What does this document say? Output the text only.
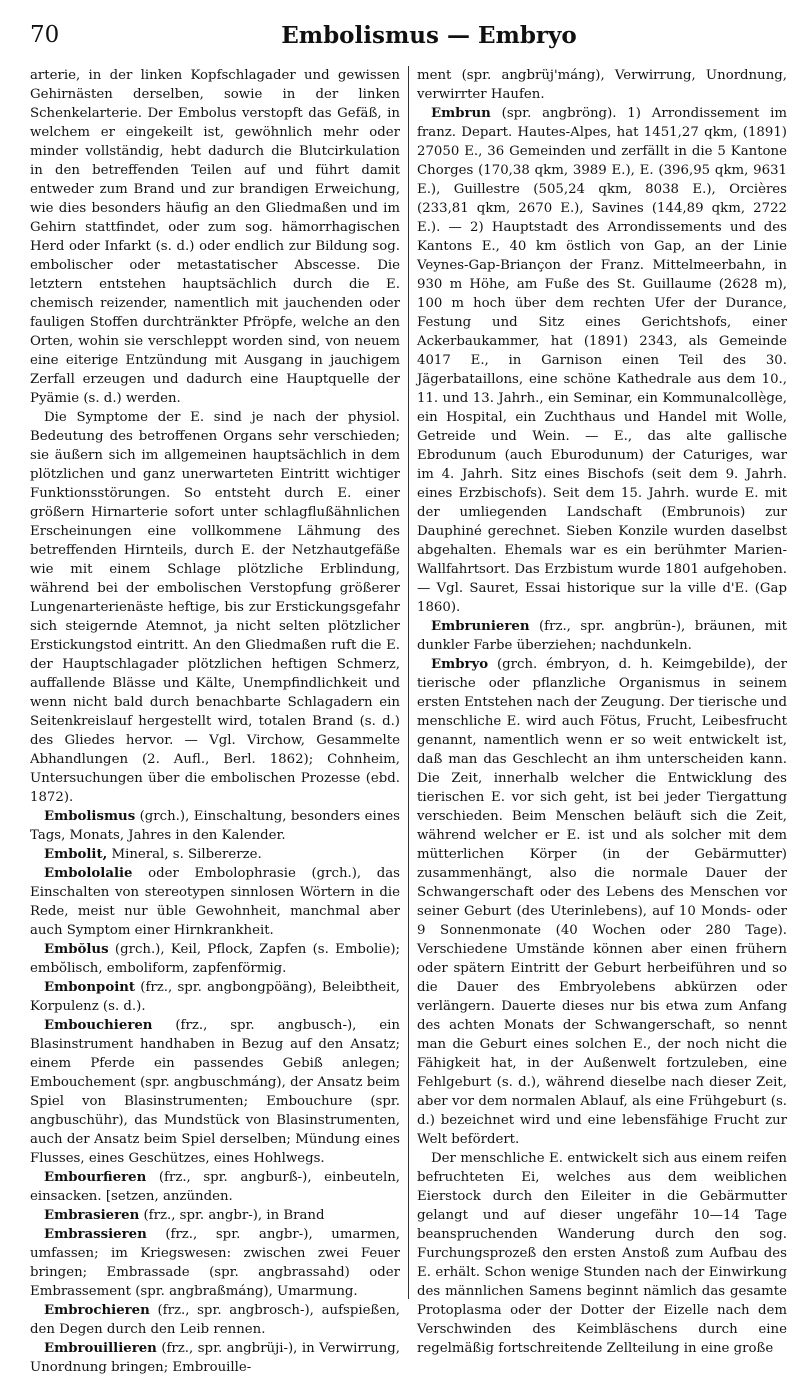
70	Embolismus — Embryo

arterie, in der linken Kopfschlagader und gewissen Gehirnästen derselben, sowie in der linken Schenkelarterie. Der Embolus verstopft das Gefäß, in welchem er eingekeilt ist, gewöhnlich mehr oder minder vollständig, hebt dadurch die Blutcirkulation in den betreffenden Teilen auf und führt damit entweder zum Brand und zur brandigen Erweichung, wie dies besonders häufig an den Gliedmaßen und im Gehirn stattfindet, oder zum sog. hämorrhagischen Herd oder Infarkt (s. d.) oder endlich zur Bildung sog. embolischer oder metastatischer Abscesse. Die letztern entstehen hauptsächlich durch die E. chemisch reizender, namentlich mit jauchenden oder fauligen Stoffen durchtränkter Pfröpfe, welche an den Orten, wohin sie verschleppt worden sind, von neuem eine eiterige Entzündung mit Ausgang in jauchigem Zerfall erzeugen und dadurch eine Hauptquelle der Pyämie (s. d.) werden.

Die Symptome der E. sind je nach der physiol. Bedeutung des betroffenen Organs sehr verschieden; sie äußern sich im allgemeinen hauptsächlich in dem plötzlichen und ganz unerwarteten Eintritt wichtiger Funktionsstörungen. So entsteht durch E. einer größern Hirnarterie sofort unter schlagflußähnlichen Erscheinungen eine vollkommene Lähmung des betreffenden Hirnteils, durch E. der Netzhautgefäße wie mit einem Schlage plötzliche Erblindung, während bei der embolischen Verstopfung größerer Lungenarterienäste heftige, bis zur Erstickungsgefahr sich steigernde Atemnot, ja nicht selten plötzlicher Erstickungstod eintritt. An den Gliedmaßen ruft die E. der Hauptschlagader plötzlichen heftigen Schmerz, auffallende Blässe und Kälte, Unempfindlichkeit und wenn nicht bald durch benachbarte Schlagadern ein Seitenkreislauf hergestellt wird, totalen Brand (s. d.) des Gliedes hervor. — Vgl. Virchow, Gesammelte Abhandlungen (2. Aufl., Berl. 1862); Cohnheim, Untersuchungen über die embolischen Prozesse (ebd. 1872).

Embolismus (grch.), Einschaltung, besonders eines Tags, Monats, Jahres in den Kalender.

Embolit, Mineral, s. Silbererze.

Embololalie oder Embolophrasie (grch.), das Einschalten von stereotypen sinnlosen Wörtern in die Rede, meist nur üble Gewohnheit, manchmal aber auch Symptom einer Hirnkrankheit.

Embŏlus (grch.), Keil, Pflock, Zapfen (s. Embolie); embŏlisch, emboliform, zapfenförmig.

Embonpoint (frz., spr. angbongpöäng), Beleibtheit, Korpulenz (s. d.).

Embouchieren (frz., spr. angbusch-), ein Blasinstrument handhaben in Bezug auf den Ansatz; einem Pferde ein passendes Gebiß anlegen; Embouchement (spr. angbuschmáng), der Ansatz beim Spiel von Blasinstrumenten; Embouchure (spr. angbuschühr), das Mundstück von Blasinstrumenten, auch der Ansatz beim Spiel derselben; Mündung eines Flusses, eines Geschützes, eines Hohlwegs.

Embourfieren (frz., spr. angburß-), einbeuteln, einsacken. [setzen, anzünden.

Embrasieren (frz., spr. angbr-), in Brand

Embrassieren (frz., spr. angbr-), umarmen, umfassen; im Kriegswesen: zwischen zwei Feuer bringen; Embrassade (spr. angbrassahd) oder Embrassement (spr. angbraßmáng), Umarmung.

Embrochieren (frz., spr. angbrosch-), aufspießen, den Degen durch den Leib rennen.

Embrouillieren (frz., spr. angbrüji-), in Verwirrung, Unordnung bringen; Embrouille-

ment (spr. angbrüj'máng), Verwirrung, Unordnung, verwirrter Haufen.

Embrun (spr. angbröng). 1) Arrondissement im franz. Depart. Hautes-Alpes, hat 1451,27 qkm, (1891) 27050 E., 36 Gemeinden und zerfällt in die 5 Kantone Chorges (170,38 qkm, 3989 E.), E. (396,95 qkm, 9631 E.), Guillestre (505,24 qkm, 8038 E.), Orcières (233,81 qkm, 2670 E.), Savines (144,89 qkm, 2722 E.). — 2) Hauptstadt des Arrondissements und des Kantons E., 40 km östlich von Gap, an der Linie Veynes-Gap-Briançon der Franz. Mittelmeerbahn, in 930 m Höhe, am Fuße des St. Guillaume (2628 m), 100 m hoch über dem rechten Ufer der Durance, Festung und Sitz eines Gerichtshofs, einer Ackerbaukammer, hat (1891) 2343, als Gemeinde 4017 E., in Garnison einen Teil des 30. Jägerbataillons, eine schöne Kathedrale aus dem 10., 11. und 13. Jahrh., ein Seminar, ein Kommunalcollège, ein Hospital, ein Zuchthaus und Handel mit Wolle, Getreide und Wein. — E., das alte gallische Ebrodunum (auch Eburodunum) der Caturiges, war im 4. Jahrh. Sitz eines Bischofs (seit dem 9. Jahrh. eines Erzbischofs). Seit dem 15. Jahrh. wurde E. mit der umliegenden Landschaft (Embrunois) zur Dauphiné gerechnet. Sieben Konzile wurden daselbst abgehalten. Ehemals war es ein berühmter Marien-Wallfahrtsort. Das Erzbistum wurde 1801 aufgehoben. — Vgl. Sauret, Essai historique sur la ville d'E. (Gap 1860).

Embrunieren (frz., spr. angbrün-), bräunen, mit dunkler Farbe überziehen; nachdunkeln.

Embryo (grch. émbryon, d. h. Keimgebilde), der tierische oder pflanzliche Organismus in seinem ersten Entstehen nach der Zeugung. Der tierische und menschliche E. wird auch Fötus, Frucht, Leibesfrucht genannt, namentlich wenn er so weit entwickelt ist, daß man das Geschlecht an ihm unterscheiden kann. Die Zeit, innerhalb welcher die Entwicklung des tierischen E. vor sich geht, ist bei jeder Tiergattung verschieden. Beim Menschen beläuft sich die Zeit, während welcher er E. ist und als solcher mit dem mütterlichen Körper (in der Gebärmutter) zusammenhängt, also die normale Dauer der Schwangerschaft oder des Lebens des Menschen vor seiner Geburt (des Uterinlebens), auf 10 Monds- oder 9 Sonnenmonate (40 Wochen oder 280 Tage). Verschiedene Umstände können aber einen frühern oder spätern Eintritt der Geburt herbeiführen und so die Dauer des Embryolebens abkürzen oder verlängern. Dauerte dieses nur bis etwa zum Anfang des achten Monats der Schwangerschaft, so nennt man die Geburt eines solchen E., der noch nicht die Fähigkeit hat, in der Außenwelt fortzuleben, eine Fehlgeburt (s. d.), während dieselbe nach dieser Zeit, aber vor dem normalen Ablauf, als eine Frühgeburt (s. d.) bezeichnet wird und eine lebensfähige Frucht zur Welt befördert.

Der menschliche E. entwickelt sich aus einem reifen befruchteten Ei, welches aus dem weiblichen Eierstock durch den Eileiter in die Gebärmutter gelangt und auf dieser ungefähr 10—14 Tage beanspruchenden Wanderung durch den sog. Furchungsprozeß den ersten Anstoß zum Aufbau des E. erhält. Schon wenige Stunden nach der Einwirkung des männlichen Samens beginnt nämlich das gesamte Protoplasma oder der Dotter der Eizelle nach dem Verschwinden des Keimbläschens durch eine regelmäßig fortschreitende Zellteilung in eine große
